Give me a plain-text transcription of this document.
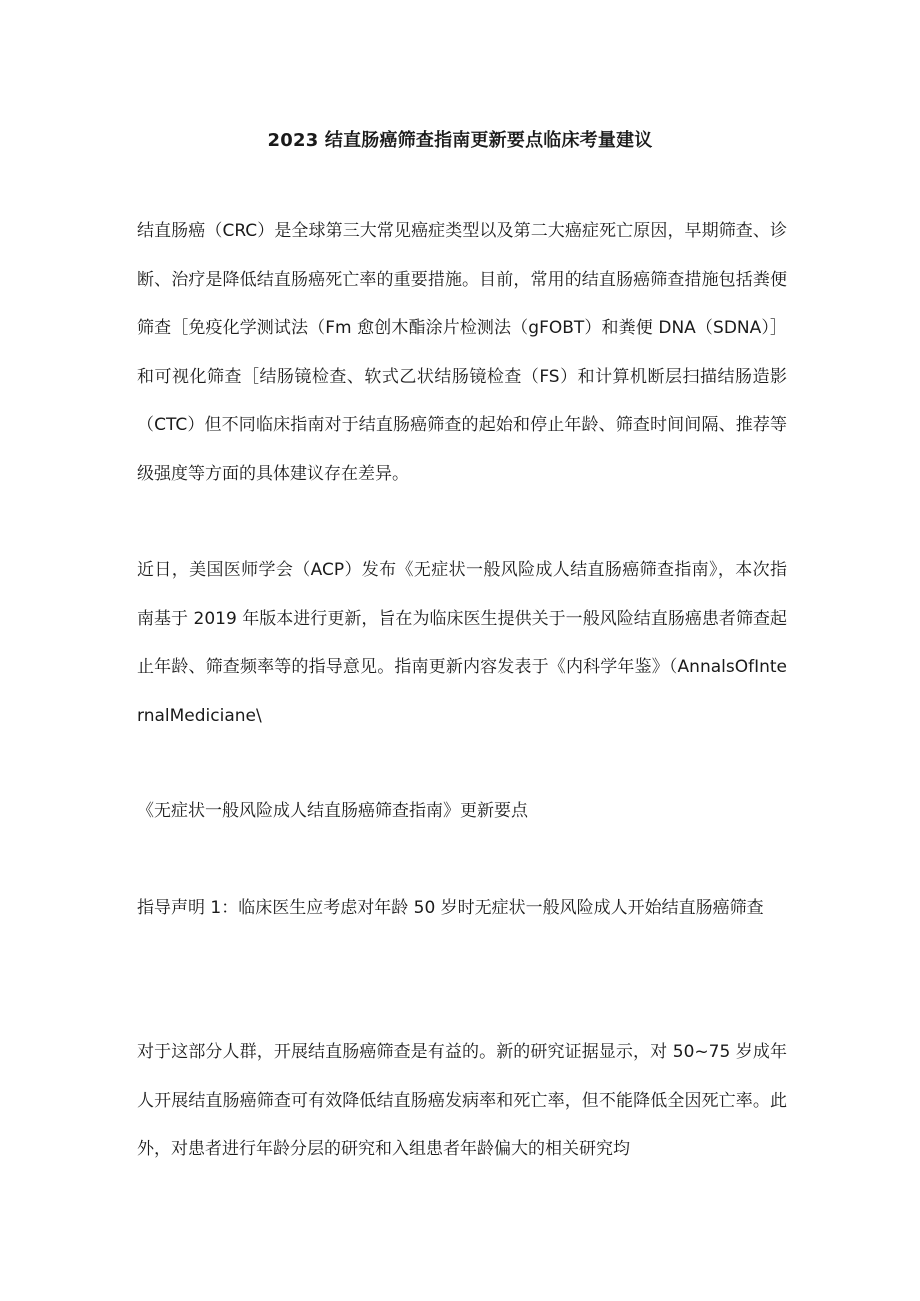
2023 结直肠癌筛查指南更新要点临床考量建议

结直肠癌（CRC）是全球第三大常见癌症类型以及第二大癌症死亡原因，早期筛查、诊断、治疗是降低结直肠癌死亡率的重要措施。目前，常用的结直肠癌筛查措施包括粪便筛查［免疫化学测试法（Fm 愈创木酯涂片检测法（gFOBT）和粪便 DNA（SDNA）］和可视化筛查［结肠镜检查、软式乙状结肠镜检查（FS）和计算机断层扫描结肠造影（CTC）但不同临床指南对于结直肠癌筛查的起始和停止年龄、筛查时间间隔、推荐等级强度等方面的具体建议存在差异。

近日，美国医师学会（ACP）发布《无症状一般风险成人结直肠癌筛查指南》，本次指南基于 2019 年版本进行更新，旨在为临床医生提供关于一般风险结直肠癌患者筛查起止年龄、筛查频率等的指导意见。指南更新内容发表于《内科学年鉴》（AnnalsOfInternalMediciane\

《无症状一般风险成人结直肠癌筛查指南》更新要点

指导声明 1：临床医生应考虑对年龄 50 岁时无症状一般风险成人开始结直肠癌筛查

对于这部分人群，开展结直肠癌筛查是有益的。新的研究证据显示，对 50~75 岁成年人开展结直肠癌筛查可有效降低结直肠癌发病率和死亡率，但不能降低全因死亡率。此外，对患者进行年龄分层的研究和入组患者年龄偏大的相关研究均
